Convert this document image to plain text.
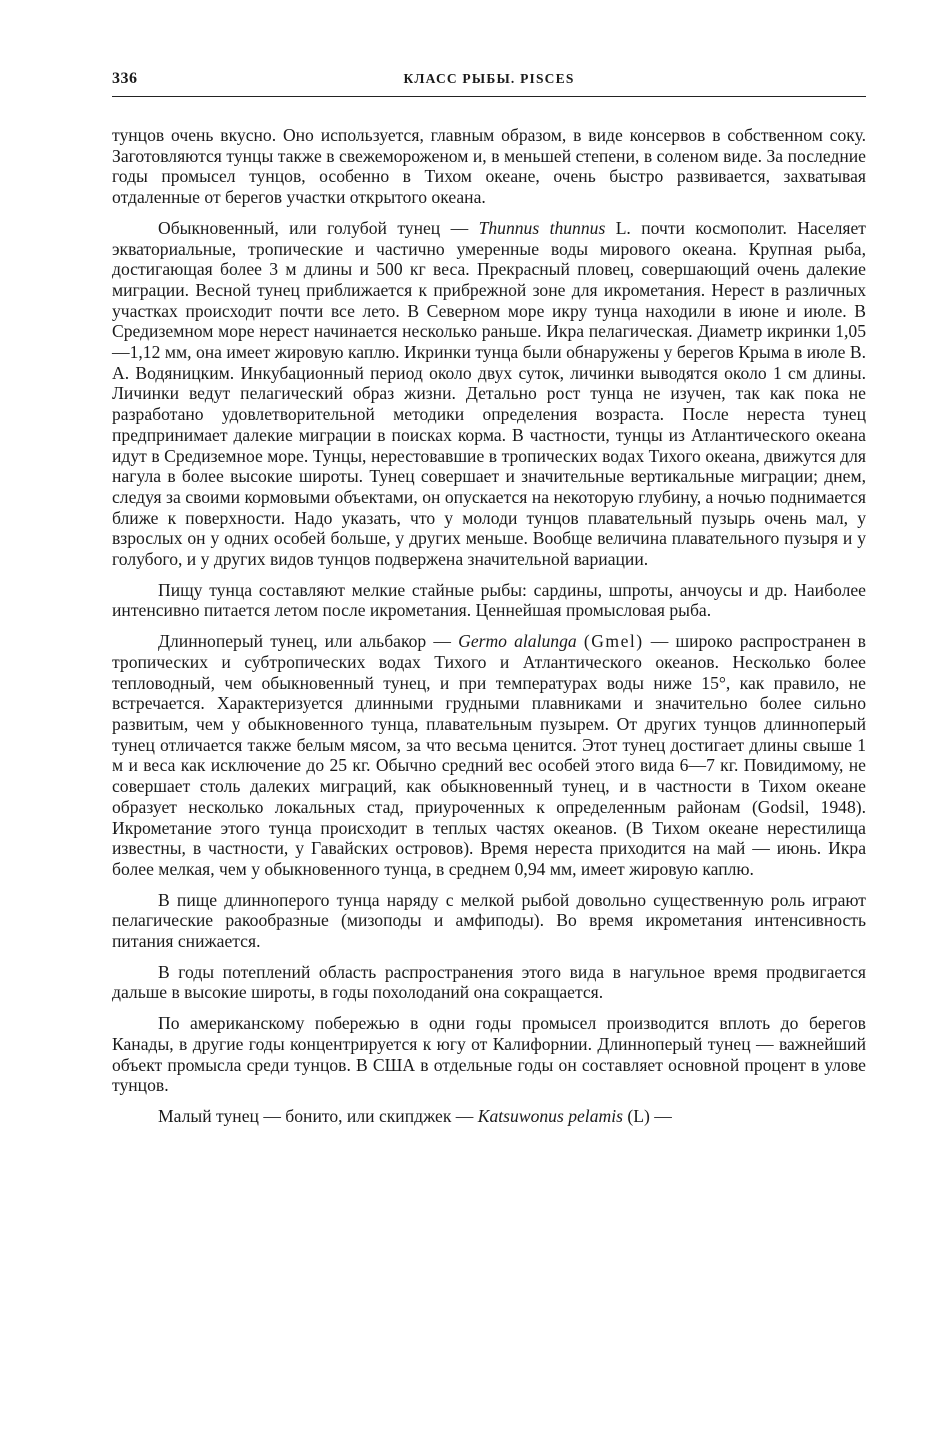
336	КЛАСС РЫБЫ. PISCES

тунцов очень вкусно. Оно используется, главным образом, в виде консервов в собственном соку. Заготовляются тунцы также в свежемороженом и, в меньшей степени, в соленом виде. За последние годы промысел тунцов, особенно в Тихом океане, очень быстро развивается, захватывая отдаленные от берегов участки открытого океана.

Обыкновенный, или голубой тунец — Thunnus thunnus L. почти космополит. Населяет экваториальные, тропические и частично умеренные воды мирового океана. Крупная рыба, достигающая более 3 м длины и 500 кг веса. Прекрасный пловец, совершающий очень далекие миграции. Весной тунец приближается к прибрежной зоне для икрометания. Нерест в различных участках происходит почти все лето. В Северном море икру тунца находили в июне и июле. В Средиземном море нерест начинается несколько раньше. Икра пелагическая. Диаметр икринки 1,05—1,12 мм, она имеет жировую каплю. Икринки тунца были обнаружены у берегов Крыма в июле В. А. Водяницким. Инкубационный период около двух суток, личинки выводятся около 1 см длины. Личинки ведут пелагический образ жизни. Детально рост тунца не изучен, так как пока не разработано удовлетворительной методики определения возраста. После нереста тунец предпринимает далекие миграции в поисках корма. В частности, тунцы из Атлантического океана идут в Средиземное море. Тунцы, нерестовавшие в тропических водах Тихого океана, движутся для нагула в более высокие широты. Тунец совершает и значительные вертикальные миграции; днем, следуя за своими кормовыми объектами, он опускается на некоторую глубину, а ночью поднимается ближе к поверхности. Надо указать, что у молоди тунцов плавательный пузырь очень мал, у взрослых он у одних особей больше, у других меньше. Вообще величина плавательного пузыря и у голубого, и у других видов тунцов подвержена значительной вариации.

Пищу тунца составляют мелкие стайные рыбы: сардины, шпроты, анчоусы и др. Наиболее интенсивно питается летом после икрометания. Ценнейшая промысловая рыба.

Длинноперый тунец, или альбакор — Germo alalunga (Gmel) — широко распространен в тропических и субтропических водах Тихого и Атлантического океанов. Несколько более тепловодный, чем обыкновенный тунец, и при температурах воды ниже 15°, как правило, не встречается. Характеризуется длинными грудными плавниками и значительно более сильно развитым, чем у обыкновенного тунца, плавательным пузырем. От других тунцов длинноперый тунец отличается также белым мясом, за что весьма ценится. Этот тунец достигает длины свыше 1 м и веса как исключение до 25 кг. Обычно средний вес особей этого вида 6—7 кг. Повидимому, не совершает столь далеких миграций, как обыкновенный тунец, и в частности в Тихом океане образует несколько локальных стад, приуроченных к определенным районам (Godsil, 1948). Икрометание этого тунца происходит в теплых частях океанов. (В Тихом океане нерестилища известны, в частности, у Гавайских островов). Время нереста приходится на май — июнь. Икра более мелкая, чем у обыкновенного тунца, в среднем 0,94 мм, имеет жировую каплю.

В пище длинноперого тунца наряду с мелкой рыбой довольно существенную роль играют пелагические ракообразные (мизоподы и амфиподы). Во время икрометания интенсивность питания снижается.

В годы потеплений область распространения этого вида в нагульное время продвигается дальше в высокие широты, в годы похолоданий она сокращается.

По американскому побережью в одни годы промысел производится вплоть до берегов Канады, в другие годы концентрируется к югу от Калифорнии. Длинноперый тунец — важнейший объект промысла среди тунцов. В США в отдельные годы он составляет основной процент в улове тунцов.

Малый тунец — бонито, или скипджек — Katsuwonus pelamis (L) —
